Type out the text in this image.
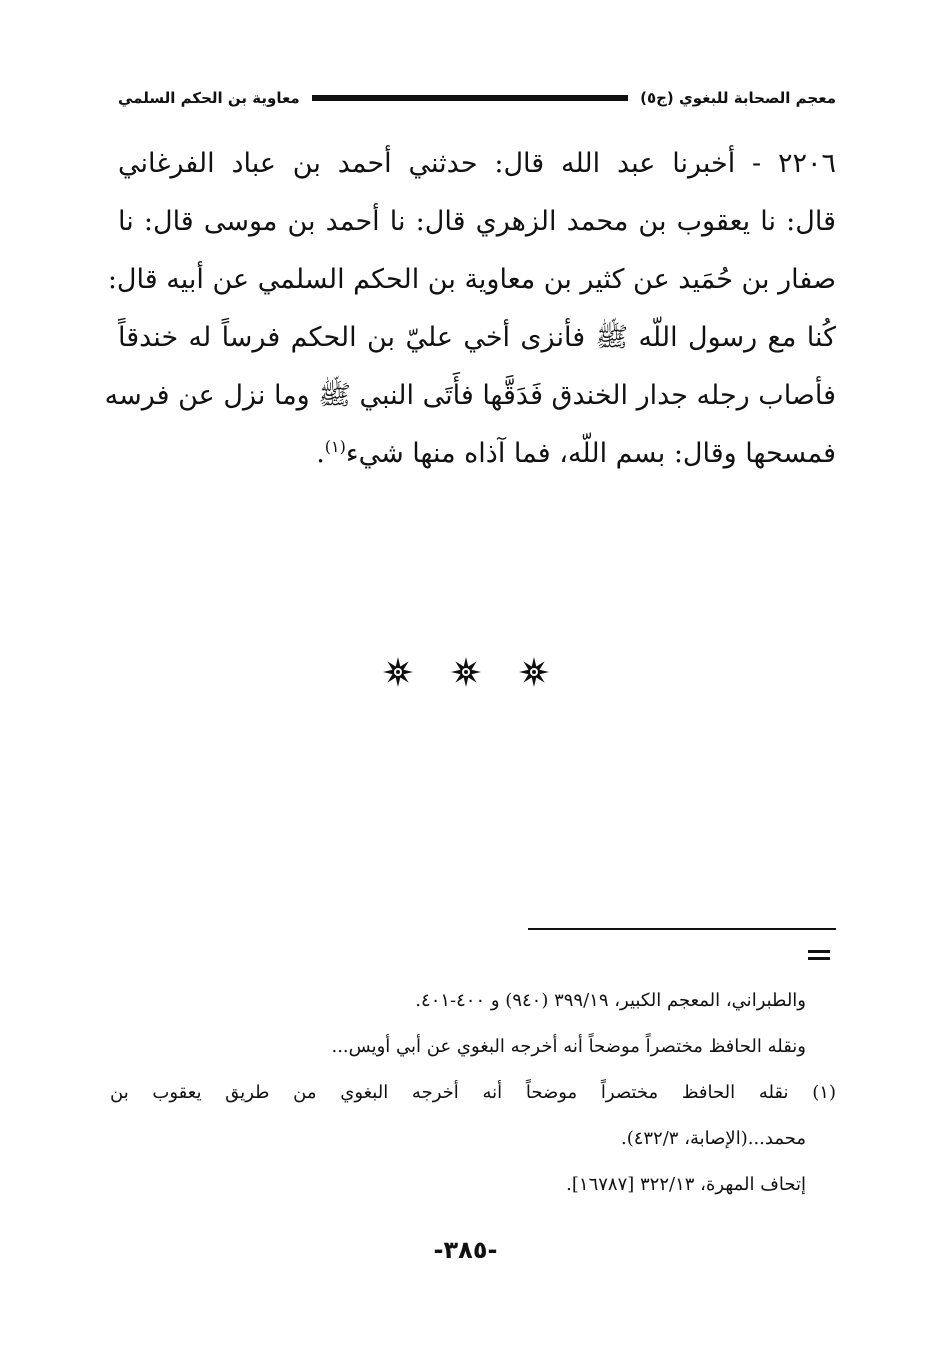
معجم الصحابة للبغوي (ج٥)
معاوية بن الحكم السلمي
٢٢٠٦ - أخبرنا عبد الله قال: حدثني أحمد بن عباد الفرغاني
قال: نا يعقوب بن محمد الزهري قال: نا أحمد بن موسى قال: نا
صفار بن حُمَيد عن كثير بن معاوية بن الحكم السلمي عن أبيه قال:
كُنا مع رسول اللّه ﷺ فأنزى أخي عليّ بن الحكم فرساً له خندقاً
فأصاب رجله جدار الخندق فَدَقَّها فأَتَى النبي ﷺ وما نزل عن فرسه
فمسحها وقال: بسم اللّه، فما آذاه منها شيء$^{(١)}$.
والطبراني، المعجم الكبير، ٣٩٩/١٩ (٩٤٠) و ٤٠٠-٤٠١.
ونقله الحافظ مختصراً موضحاً أنه أخرجه البغوي عن أبي أويس...
(١) نقله الحافظ مختصراً موضحاً أنه أخرجه البغوي من طريق يعقوب بن
محمد...(الإصابة، ٤٣٢/٣).
إتحاف المهرة، ٣٢٢/١٣ [١٦٧٨٧].
-٣٨٥-
